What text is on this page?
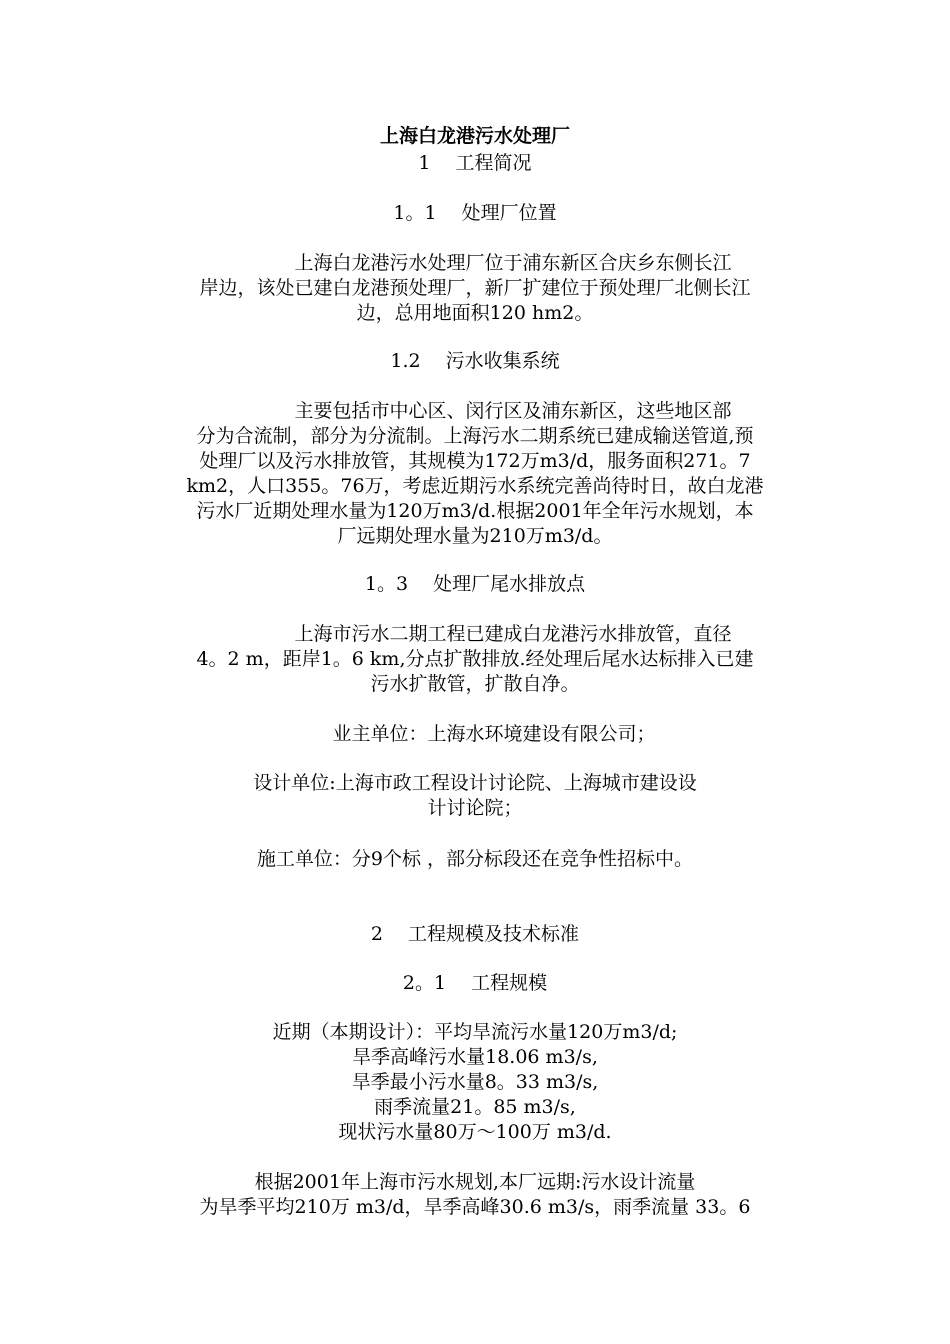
上海白龙港污水处理厂
1　 工程简况
1。1　 处理厂位置
　　　　上海白龙港污水处理厂位于浦东新区合庆乡东侧长江
岸边，该处已建白龙港预处理厂，新厂扩建位于预处理厂北侧长江
边，总用地面积120 hm2。
1.2　 污水收集系统
　　　　主要包括市中心区、闵行区及浦东新区，这些地区部
分为合流制，部分为分流制。上海污水二期系统已建成输送管道,预
处理厂以及污水排放管，其规模为172万m3/d，服务面积271。7
km2，人口355。76万，考虑近期污水系统完善尚待时日，故白龙港
污水厂近期处理水量为120万m3/d.根据2001年全年污水规划，本
厂远期处理水量为210万m3/d。
1。3　 处理厂尾水排放点
　　　　上海市污水二期工程已建成白龙港污水排放管，直径
4。2 m，距岸1。6 km,分点扩散排放.经处理后尾水达标排入已建
污水扩散管，扩散自净。
　　业主单位：上海水环境建设有限公司；
设计单位:上海市政工程设计讨论院、上海城市建设设
计讨论院；
施工单位：分9个标 ，部分标段还在竞争性招标中。
2　 工程规模及技术标准
2。1　 工程规模
近期（本期设计）：平均旱流污水量120万m3/d;
旱季高峰污水量18.06 m3/s,
旱季最小污水量8。33 m3/s,
雨季流量21。85 m3/s,
现状污水量80万～100万 m3/d.
根据2001年上海市污水规划,本厂远期:污水设计流量
为旱季平均210万 m3/d，旱季高峰30.6 m3/s，雨季流量 33。6
